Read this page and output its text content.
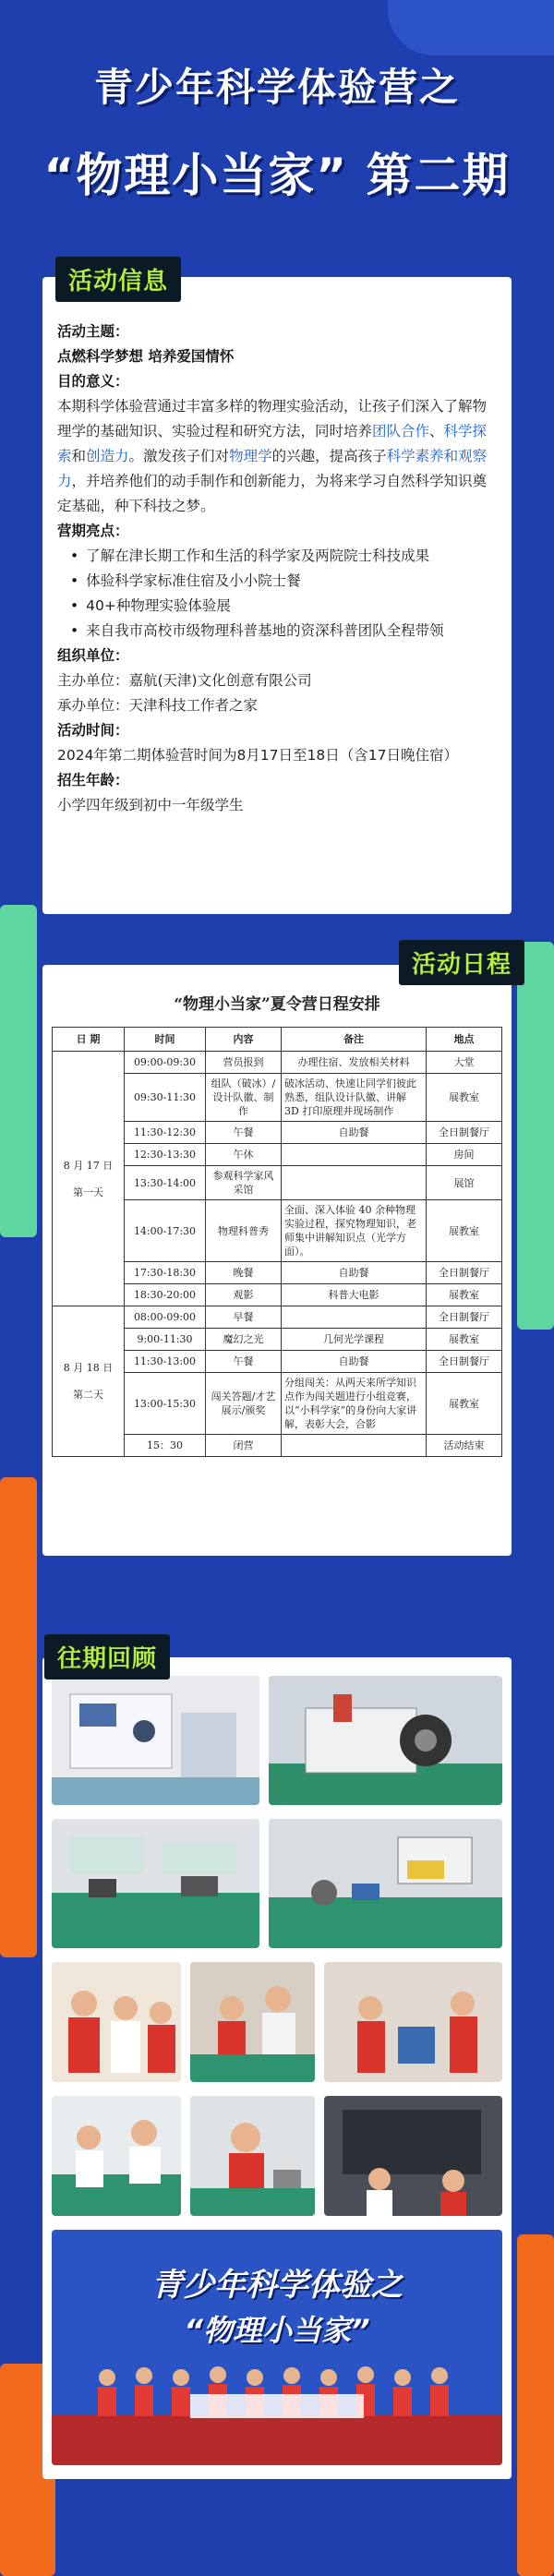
青少年科学体验营之
“物理小当家” 第二期
活动主题：
点燃科学梦想 培养爱国情怀
目的意义：
本期科学体验营通过丰富多样的物理实验活动，让孩子们深入了解物理学的基础知识、实验过程和研究方法，同时培养团队合作、科学探索和创造力。激发孩子们对物理学的兴趣，提高孩子科学素养和观察力，并培养他们的动手制作和创新能力，为将来学习自然科学知识奠定基础，种下科技之梦。
营期亮点：
• 了解在津长期工作和生活的科学家及两院院士科技成果
• 体验科学家标准住宿及小小院士餐
• 40+种物理实验体验展
• 来自我市高校市级物理科普基地的资深科普团队全程带领
组织单位：
主办单位：嘉航(天津)文化创意有限公司
承办单位：天津科技工作者之家
活动时间：
2024年第二期体验营时间为8月17日至18日（含17日晚住宿）
招生年龄：
小学四年级到初中一年级学生
活动信息
“物理小当家”夏令营日程安排
日 期	时间	内容	备注	地点

8 月 17 日
第一天	09:00-09:30	营员报到	办理住宿、发放相关材料	大堂
	09:30-11:30	组队（破冰）/设计队徽、制作	破冰活动、快速让同学们彼此熟悉，组队设计队徽、讲解 3D 打印原理并现场制作	展教室
	11:30-12:30	午餐	自助餐	全日制餐厅
	12:30-13:30	午休		房间
	13:30-14:00	参观科学家风采馆		展馆
	14:00-17:30	物理科普秀	全面、深入体验 40 余种物理实验过程，探究物理知识，老师集中讲解知识点（光学方面）。	展教室
	17:30-18:30	晚餐	自助餐	全日制餐厅
	18:30-20:00	观影	科普大电影	展教室

8 月 18 日
第二天	08:00-09:00	早餐		全日制餐厅
	9:00-11:30	魔幻之光	几何光学课程	展教室
	11:30-13:00	午餐	自助餐	全日制餐厅
	13:00-15:30	闯关答题/才艺展示/颁奖	分组闯关：从两天来所学知识点作为闯关题进行小组竞赛，以“小科学家”的身份向大家讲解，表彰大会，合影	展教室
	15：30	闭营		活动结束
活动日程
青少年科学体验之
“物理小当家”
往期回顾
